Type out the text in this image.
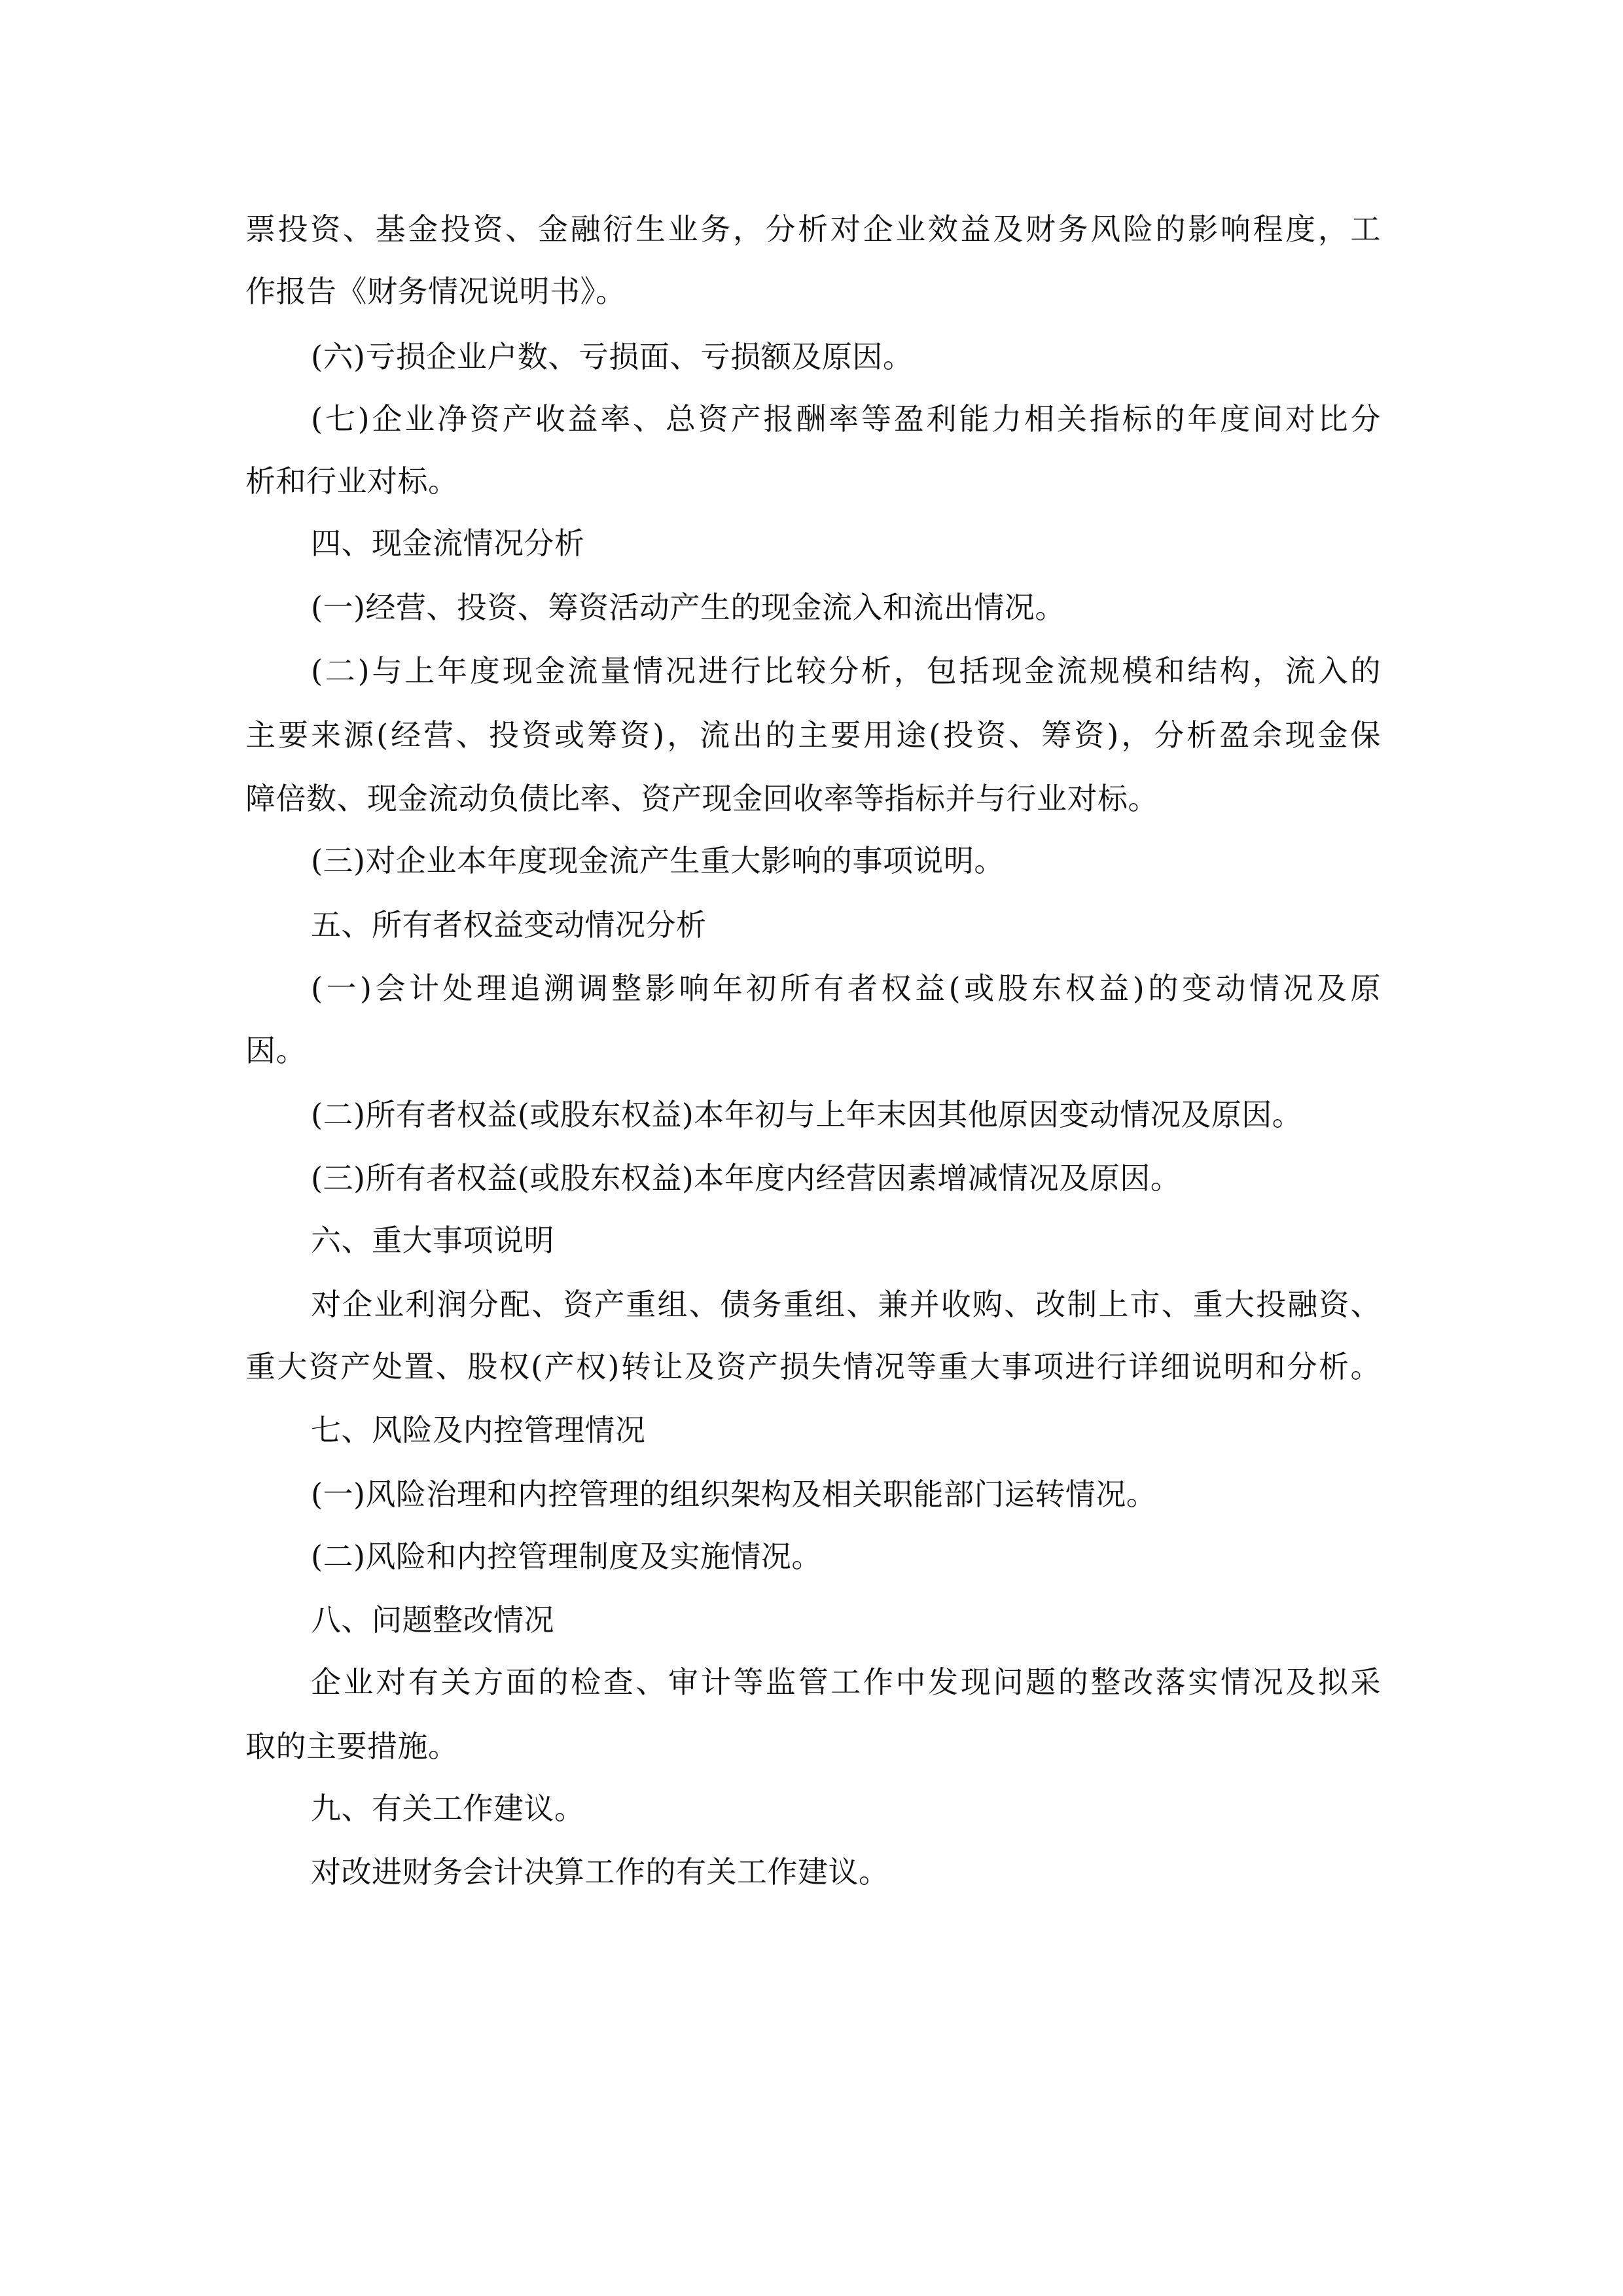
票投资、基金投资、金融衍生业务，分析对企业效益及财务风险的影响程度，工
作报告《财务情况说明书》。
(六)亏损企业户数、亏损面、亏损额及原因。
(七)企业净资产收益率、总资产报酬率等盈利能力相关指标的年度间对比分
析和行业对标。
四、现金流情况分析
(一)经营、投资、筹资活动产生的现金流入和流出情况。
(二)与上年度现金流量情况进行比较分析，包括现金流规模和结构，流入的
主要来源(经营、投资或筹资)，流出的主要用途(投资、筹资)，分析盈余现金保
障倍数、现金流动负债比率、资产现金回收率等指标并与行业对标。
(三)对企业本年度现金流产生重大影响的事项说明。
五、所有者权益变动情况分析
(一)会计处理追溯调整影响年初所有者权益(或股东权益)的变动情况及原
因。
(二)所有者权益(或股东权益)本年初与上年末因其他原因变动情况及原因。
(三)所有者权益(或股东权益)本年度内经营因素增减情况及原因。
六、重大事项说明
对企业利润分配、资产重组、债务重组、兼并收购、改制上市、重大投融资、
重大资产处置、股权(产权)转让及资产损失情况等重大事项进行详细说明和分析。
七、风险及内控管理情况
(一)风险治理和内控管理的组织架构及相关职能部门运转情况。
(二)风险和内控管理制度及实施情况。
八、问题整改情况
企业对有关方面的检查、审计等监管工作中发现问题的整改落实情况及拟采
取的主要措施。
九、有关工作建议。
对改进财务会计决算工作的有关工作建议。
